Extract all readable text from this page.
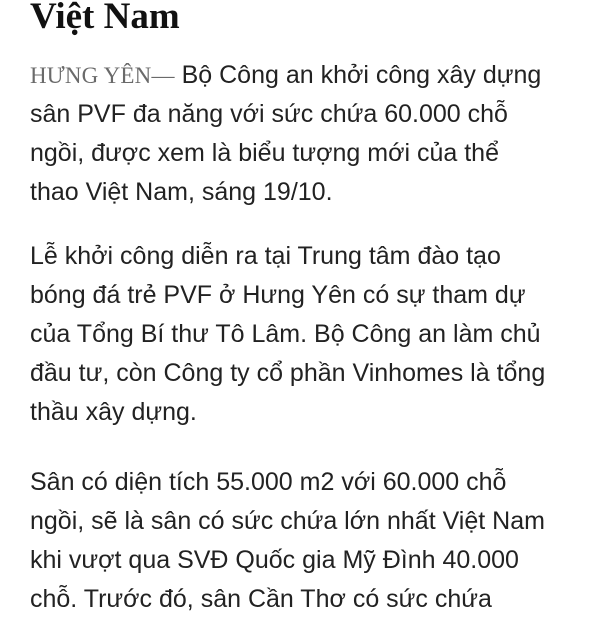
Việt Nam

HƯNG YÊN— Bộ Công an khởi công xây dựng
sân PVF đa năng với sức chứa 60.000 chỗ
ngồi, được xem là biểu tượng mới của thể
thao Việt Nam, sáng 19/10.

Lễ khởi công diễn ra tại Trung tâm đào tạo
bóng đá trẻ PVF ở Hưng Yên có sự tham dự
của Tổng Bí thư Tô Lâm. Bộ Công an làm chủ
đầu tư, còn Công ty cổ phần Vinhomes là tổng
thầu xây dựng.

Sân có diện tích 55.000 m2 với 60.000 chỗ
ngồi, sẽ là sân có sức chứa lớn nhất Việt Nam
khi vượt qua SVĐ Quốc gia Mỹ Đình 40.000
chỗ. Trước đó, sân Cần Thơ có sức chứa
